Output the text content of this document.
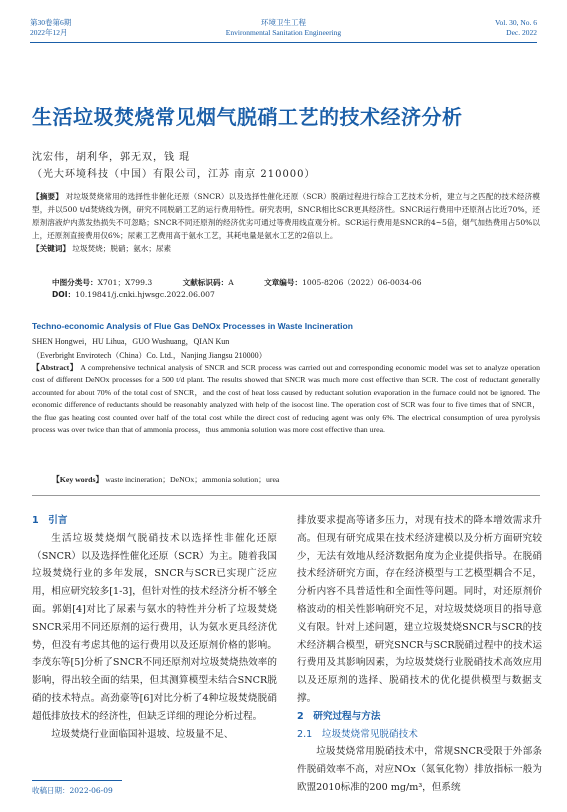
第30卷第6期
2022年12月
环境卫生工程
Environmental Sanitation Engineering
Vol. 30, No. 6
Dec. 2022
生活垃圾焚烧常见烟气脱硝工艺的技术经济分析
沈宏伟，胡利华，郭无双，钱 琨
（光大环境科技（中国）有限公司，江苏 南京 210000）
【摘要】 对垃圾焚烧常用的选择性非催化还原（SNCR）以及选择性催化还原（SCR）脱硝过程进行综合工艺技术分析，建立与之匹配的技术经济模型，并以500 t/d焚烧线为例，研究不同脱硝工艺的运行费用特性。研究表明，SNCR相比SCR更具经济性。SNCR运行费用中还原剂占比近70%，还原剂溶液炉内蒸发热损失不可忽略；SNCR不同还原剂的经济优劣可通过等费用线直观分析。SCR运行费用是SNCR的4~5倍，烟气加热费用占50%以上，还原剂直接费用仅6%；尿素工艺费用高于氨水工艺，其耗电量是氨水工艺的2倍以上。
【关键词】 垃圾焚烧；脱硝；氨水；尿素
中图分类号：X701；X799.3	文献标识码：A	文章编号：1005-8206（2022）06-0034-06
DOI：10.19841/j.cnki.hjwsgc.2022.06.007
Techno-economic Analysis of Flue Gas DeNOx Processes in Waste Incineration
SHEN Hongwei，HU Lihua，GUO Wushuang，QIAN Kun
（Everbright Envirotech（China）Co. Ltd.，Nanjing Jiangsu 210000）
【Abstract】 A comprehensive technical analysis of SNCR and SCR process was carried out and corresponding economic model was set to analyze operation cost of different DeNOx processes for a 500 t/d plant. The results showed that SNCR was much more cost effective than SCR. The cost of reductant generally accounted for about 70% of the total cost of SNCR，and the cost of heat loss caused by reductant solution evaporation in the furnace could not be ignored. The economic difference of reductants should be reasonably analyzed with help of the isocost line. The operation cost of SCR was four to five times that of SNCR，the flue gas heating cost counted over half of the total cost while the direct cost of reducing agent was only 6%. The electrical consumption of urea pyrolysis process was over twice than that of ammonia process，thus ammonia solution was more cost effective than urea.
【Key words】 waste incineration；DeNOx；ammonia solution；urea

1　引言

生活垃圾焚烧烟气脱硝技术以选择性非催化还原（SNCR）以及选择性催化还原（SCR）为主。随着我国垃圾焚烧行业的多年发展，SNCR与SCR已实现广泛应用，相应研究较多[1-3]，但针对性的技术经济分析不够全面。郭娟[4]对比了尿素与氨水的特性并分析了垃圾焚烧SNCR采用不同还原剂的运行费用，认为氨水更具经济优势，但没有考虑其他的运行费用以及还原剂价格的影响。李茂东等[5]分析了SNCR不同还原剂对垃圾焚烧热效率的影响，得出较全面的结果，但其测算模型未结合SNCR脱硝的技术特点。高劲豪等[6]对比分析了4种垃圾焚烧脱硝超低排放技术的经济性，但缺乏详细的理论分析过程。

垃圾焚烧行业面临国补退坡、垃圾量不足、

排放要求提高等诸多压力，对现有技术的降本增效需求升高。但现有研究成果在技术经济建模以及分析方面研究较少，无法有效地从经济数据角度为企业提供指导。在脱硝技术经济研究方面，存在经济模型与工艺模型耦合不足，分析内容不具普适性和全面性等问题。同时，对还原剂价格波动的相关性影响研究不足，对垃圾焚烧项目的指导意义有限。针对上述问题，建立垃圾焚烧SNCR与SCR的技术经济耦合模型，研究SNCR与SCR脱硝过程中的技术运行费用及其影响因素，为垃圾焚烧行业脱硝技术高效应用以及还原剂的选择、脱硝技术的优化提供模型与数据支撑。

2　研究过程与方法

2.1　垃圾焚烧常见脱硝技术

垃圾焚烧常用脱硝技术中，常规SNCR受限于外部条件脱硝效率不高，对应NOx（氮氧化物）排放指标一般为欧盟2010标准的200 mg/m³，但系统

收稿日期：2022-06-09
